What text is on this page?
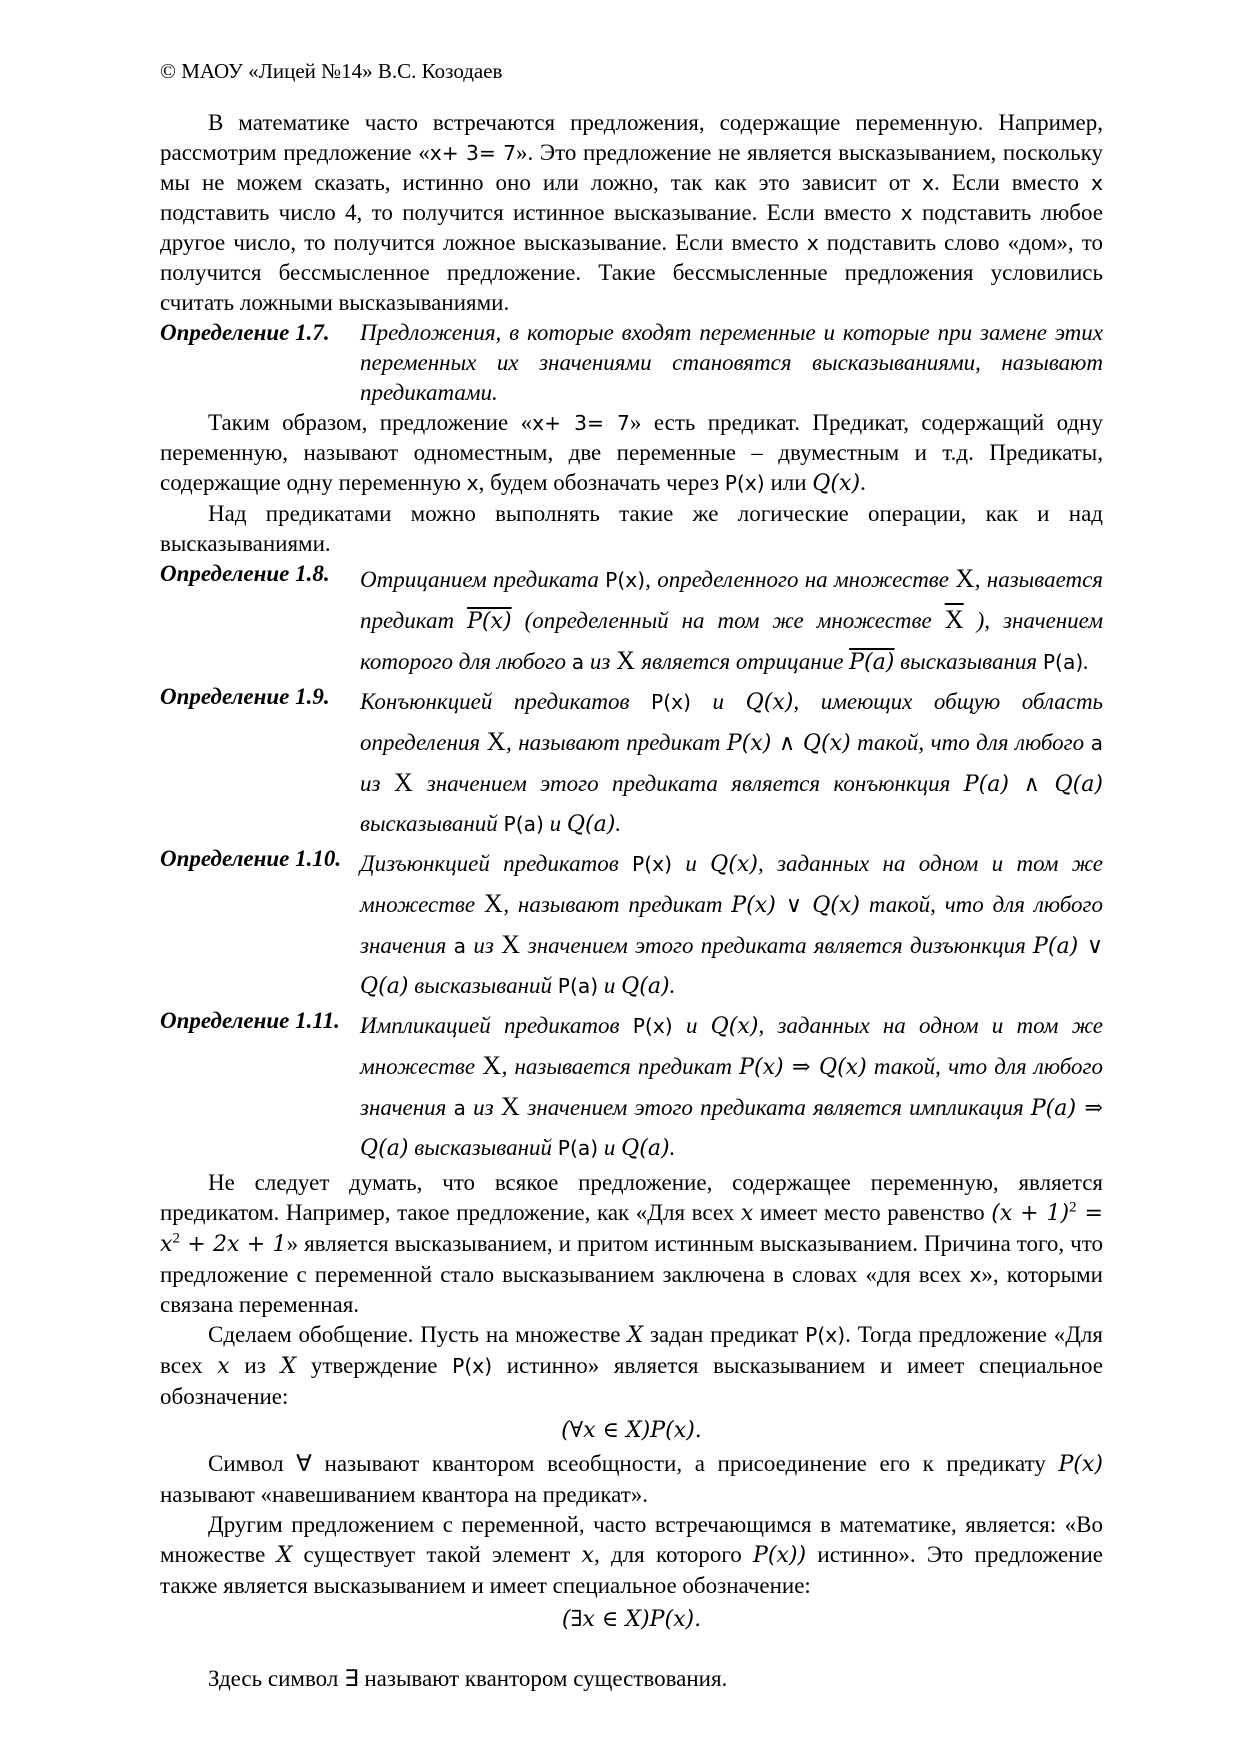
© МАОУ «Лицей №14» В.С. Козодаев

В математике часто встречаются предложения, содержащие переменную. Например, рассмотрим предложение «x+ 3= 7». Это предложение не является высказыванием, поскольку мы не можем сказать, истинно оно или ложно, так как это зависит от x. Если вместо x подставить число 4, то получится истинное высказывание. Если вместо x подставить любое другое число, то получится ложное высказывание. Если вместо x подставить слово «дом», то получится бессмысленное предложение. Такие бессмысленные предложения условились считать ложными высказываниями.

Определение 1.7.	Предложения, в которые входят переменные и которые при замене этих переменных их значениями становятся высказываниями, называют предикатами.

Таким образом, предложение «x+ 3= 7» есть предикат. Предикат, содержащий одну переменную, называют одноместным, две переменные – двуместным и т.д. Предикаты, содержащие одну переменную x, будем обозначать через P(x) или Q(x).

Над предикатами можно выполнять такие же логические операции, как и над высказываниями.

Определение 1.8.	Отрицанием предиката P(x), определенного на множестве X, называется предикат P(x) (определенный на том же множестве $\overline{X}$ ), значением которого для любого a из X является отрицание P(a) высказывания P(a).
Определение 1.9.	Конъюнкцией предикатов P(x) и Q(x), имеющих общую область определения X, называют предикат P(x) ∧ Q(x) такой, что для любого a из X значением этого предиката является конъюнкция P(a) ∧ Q(a) высказываний P(a) и Q(a).
Определение 1.10. Дизъюнкцией предикатов P(x) и Q(x), заданных на одном и том же множестве X, называют предикат P(x) ∨ Q(x) такой, что для любого значения a из X значением этого предиката является дизъюнкция P(a) ∨ Q(a) высказываний P(a) и Q(a).
Определение 1.11. Импликацией предикатов P(x) и Q(x), заданных на одном и том же множестве X, называется предикат P(x) ⇒ Q(x) такой, что для любого значения a из X значением этого предиката является импликация P(a) ⇒ Q(a) высказываний P(a) и Q(a).

Не следует думать, что всякое предложение, содержащее переменную, является предикатом. Например, такое предложение, как «Для всех x имеет место равенство $(x + 1)^2 = x^2 + 2x + 1$» является высказыванием, и притом истинным высказыванием. Причина того, что предложение с переменной стало высказыванием заключена в словах «для всех x», которыми связана переменная.

Сделаем обобщение. Пусть на множестве X задан предикат P(x). Тогда предложение «Для всех x из X утверждение P(x) истинно» является высказыванием и имеет специальное обозначение:

(∀x ∈ X)P(x).

Символ ∀ называют квантором всеобщности, а присоединение его к предикату P(x) называют «навешиванием квантора на предикат».

Другим предложением с переменной, часто встречающимся в математике, является: «Во множестве X существует такой элемент x, для которого P(x)) истинно». Это предложение также является высказыванием и имеет специальное обозначение:

(∃x ∈ X)P(x).

Здесь символ ∃ называют квантором существования.
